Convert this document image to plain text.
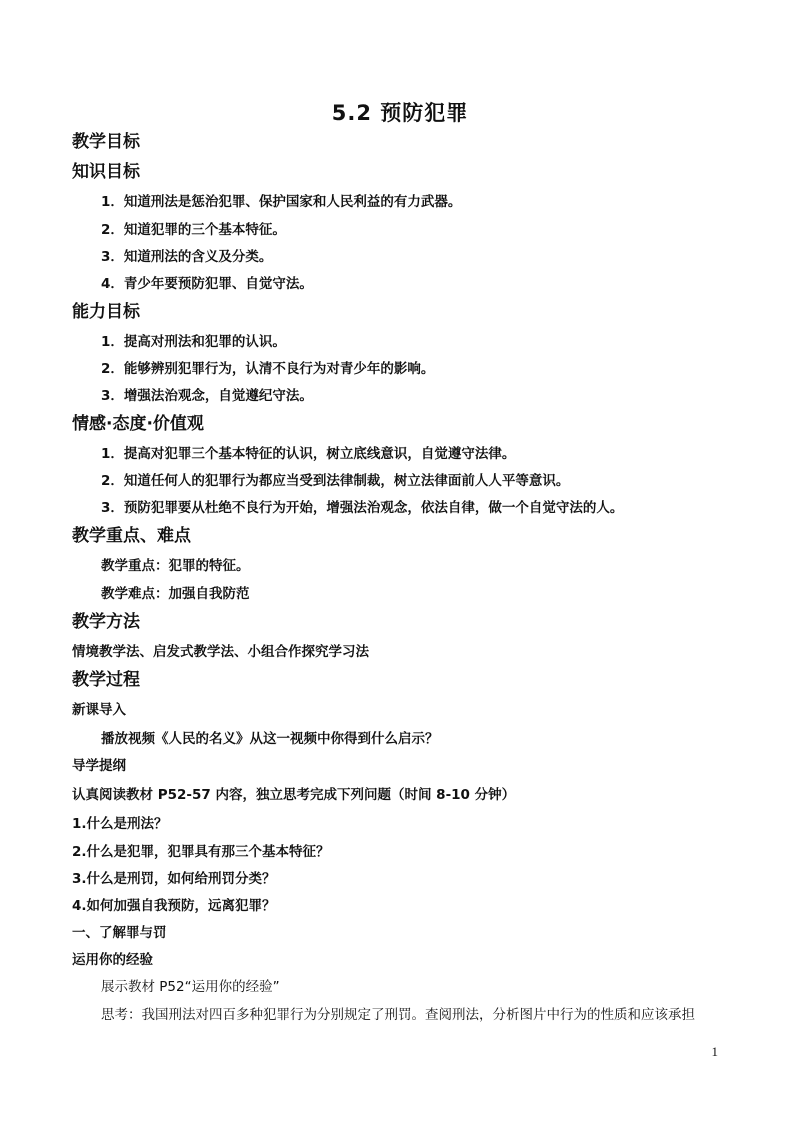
5.2 预防犯罪
教学目标
知识目标
1．知道刑法是惩治犯罪、保护国家和人民利益的有力武器。
2．知道犯罪的三个基本特征。
3．知道刑法的含义及分类。
4．青少年要预防犯罪、自觉守法。
能力目标
1．提高对刑法和犯罪的认识。
2．能够辨别犯罪行为，认清不良行为对青少年的影响。
3．增强法治观念，自觉遵纪守法。
情感·态度·价值观
1．提高对犯罪三个基本特征的认识，树立底线意识，自觉遵守法律。
2．知道任何人的犯罪行为都应当受到法律制裁，树立法律面前人人平等意识。
3．预防犯罪要从杜绝不良行为开始，增强法治观念，依法自律，做一个自觉守法的人。
教学重点、难点
教学重点：犯罪的特征。
教学难点：加强自我防范
教学方法
情境教学法、启发式教学法、小组合作探究学习法
教学过程
新课导入
播放视频《人民的名义》从这一视频中你得到什么启示？
导学提纲
认真阅读教材 P52-57 内容，独立思考完成下列问题（时间 8-10 分钟）
1.什么是刑法？
2.什么是犯罪，犯罪具有那三个基本特征？
3.什么是刑罚，如何给刑罚分类？
4.如何加强自我预防，远离犯罪？
一、了解罪与罚
运用你的经验
展示教材 P52“运用你的经验”
思考：我国刑法对四百多种犯罪行为分别规定了刑罚。查阅刑法，分析图片中行为的性质和应该承担
1
